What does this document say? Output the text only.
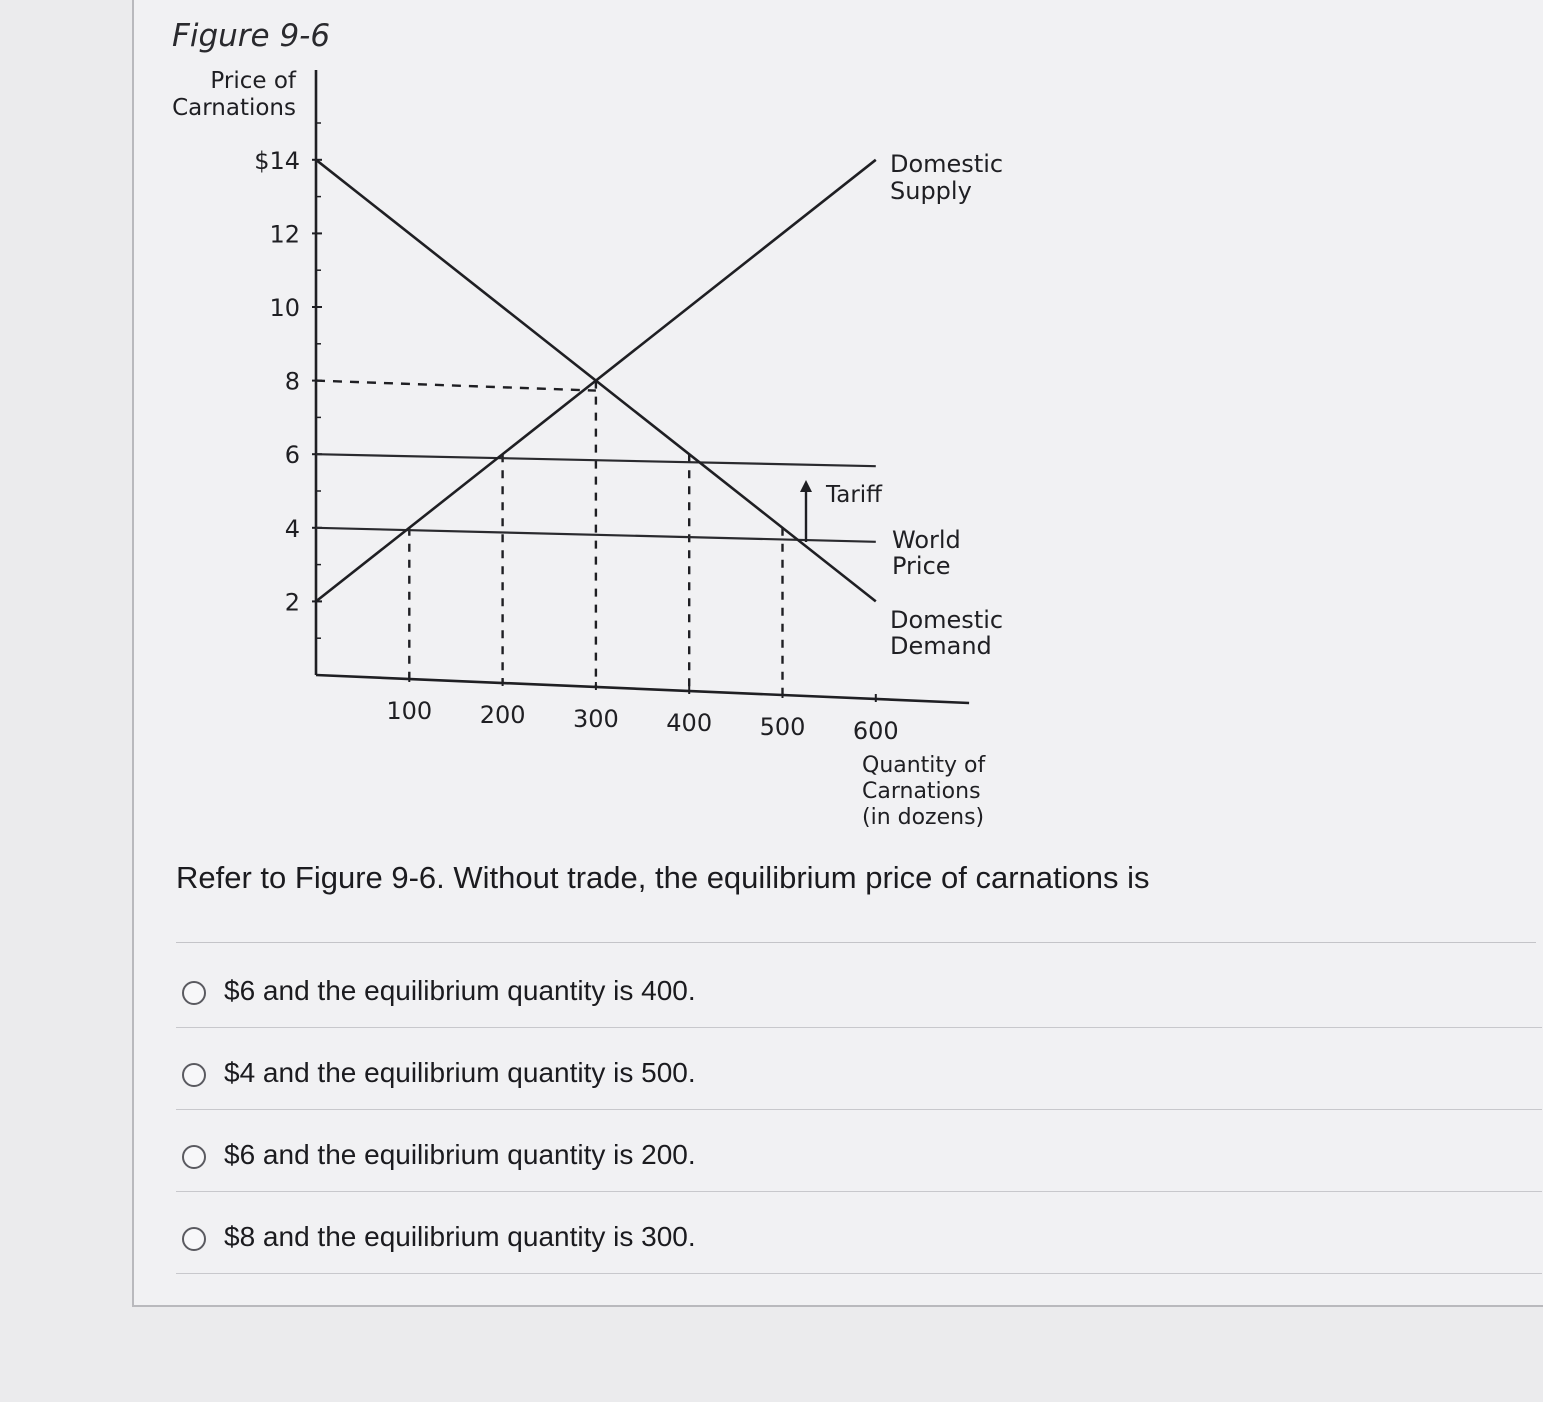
Figure 9-6
$14
12
10
8
6
4
2
100 200 300 400 500 600
Price of
Carnations
Quantity of
Carnations
(in dozens)
Domestic
Supply
Domestic
Demand
World
Price
Tariff
Refer to Figure 9-6. Without trade, the equilibrium price of carnations is
$6 and the equilibrium quantity is 400.
$4 and the equilibrium quantity is 500.
$6 and the equilibrium quantity is 200.
$8 and the equilibrium quantity is 300.
